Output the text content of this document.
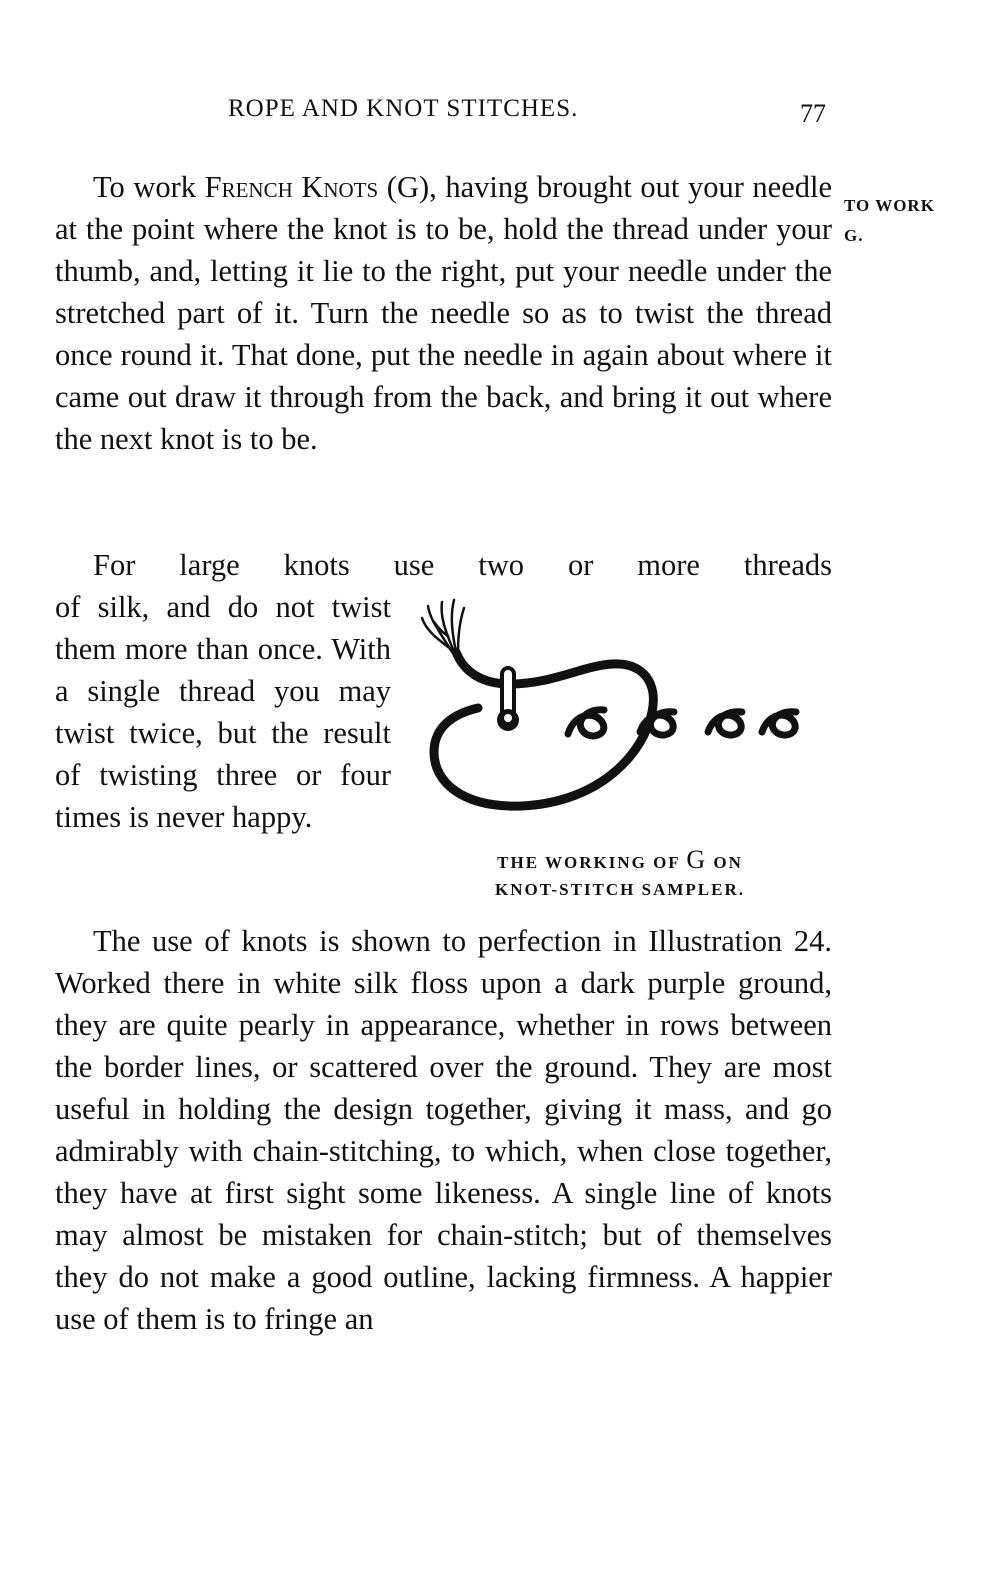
ROPE AND KNOT STITCHES.	77
TO WORK
G.

To work French Knots (G), having brought out your needle at the point where the knot is to be, hold the thread under your thumb, and, letting it lie to the right, put your needle under the stretched part of it. Turn the needle so as to twist the thread once round it. That done, put the needle in again about where it came out draw it through from the back, and bring it out where the next knot is to be.

For large knots use two or more threads

of silk, and do not twist them more than once. With a single thread you may twist twice, but the result of twisting three or four times is never happy.

THE WORKING OF G ON
KNOT-STITCH SAMPLER.

The use of knots is shown to perfection in Illustration 24. Worked there in white silk floss upon a dark purple ground, they are quite pearly in appearance, whether in rows between the border lines, or scattered over the ground. They are most useful in holding the design together, giving it mass, and go admirably with chain-stitching, to which, when close together, they have at first sight some likeness. A single line of knots may almost be mistaken for chain-stitch; but of themselves they do not make a good outline, lacking firmness. A happier use of them is to fringe an
